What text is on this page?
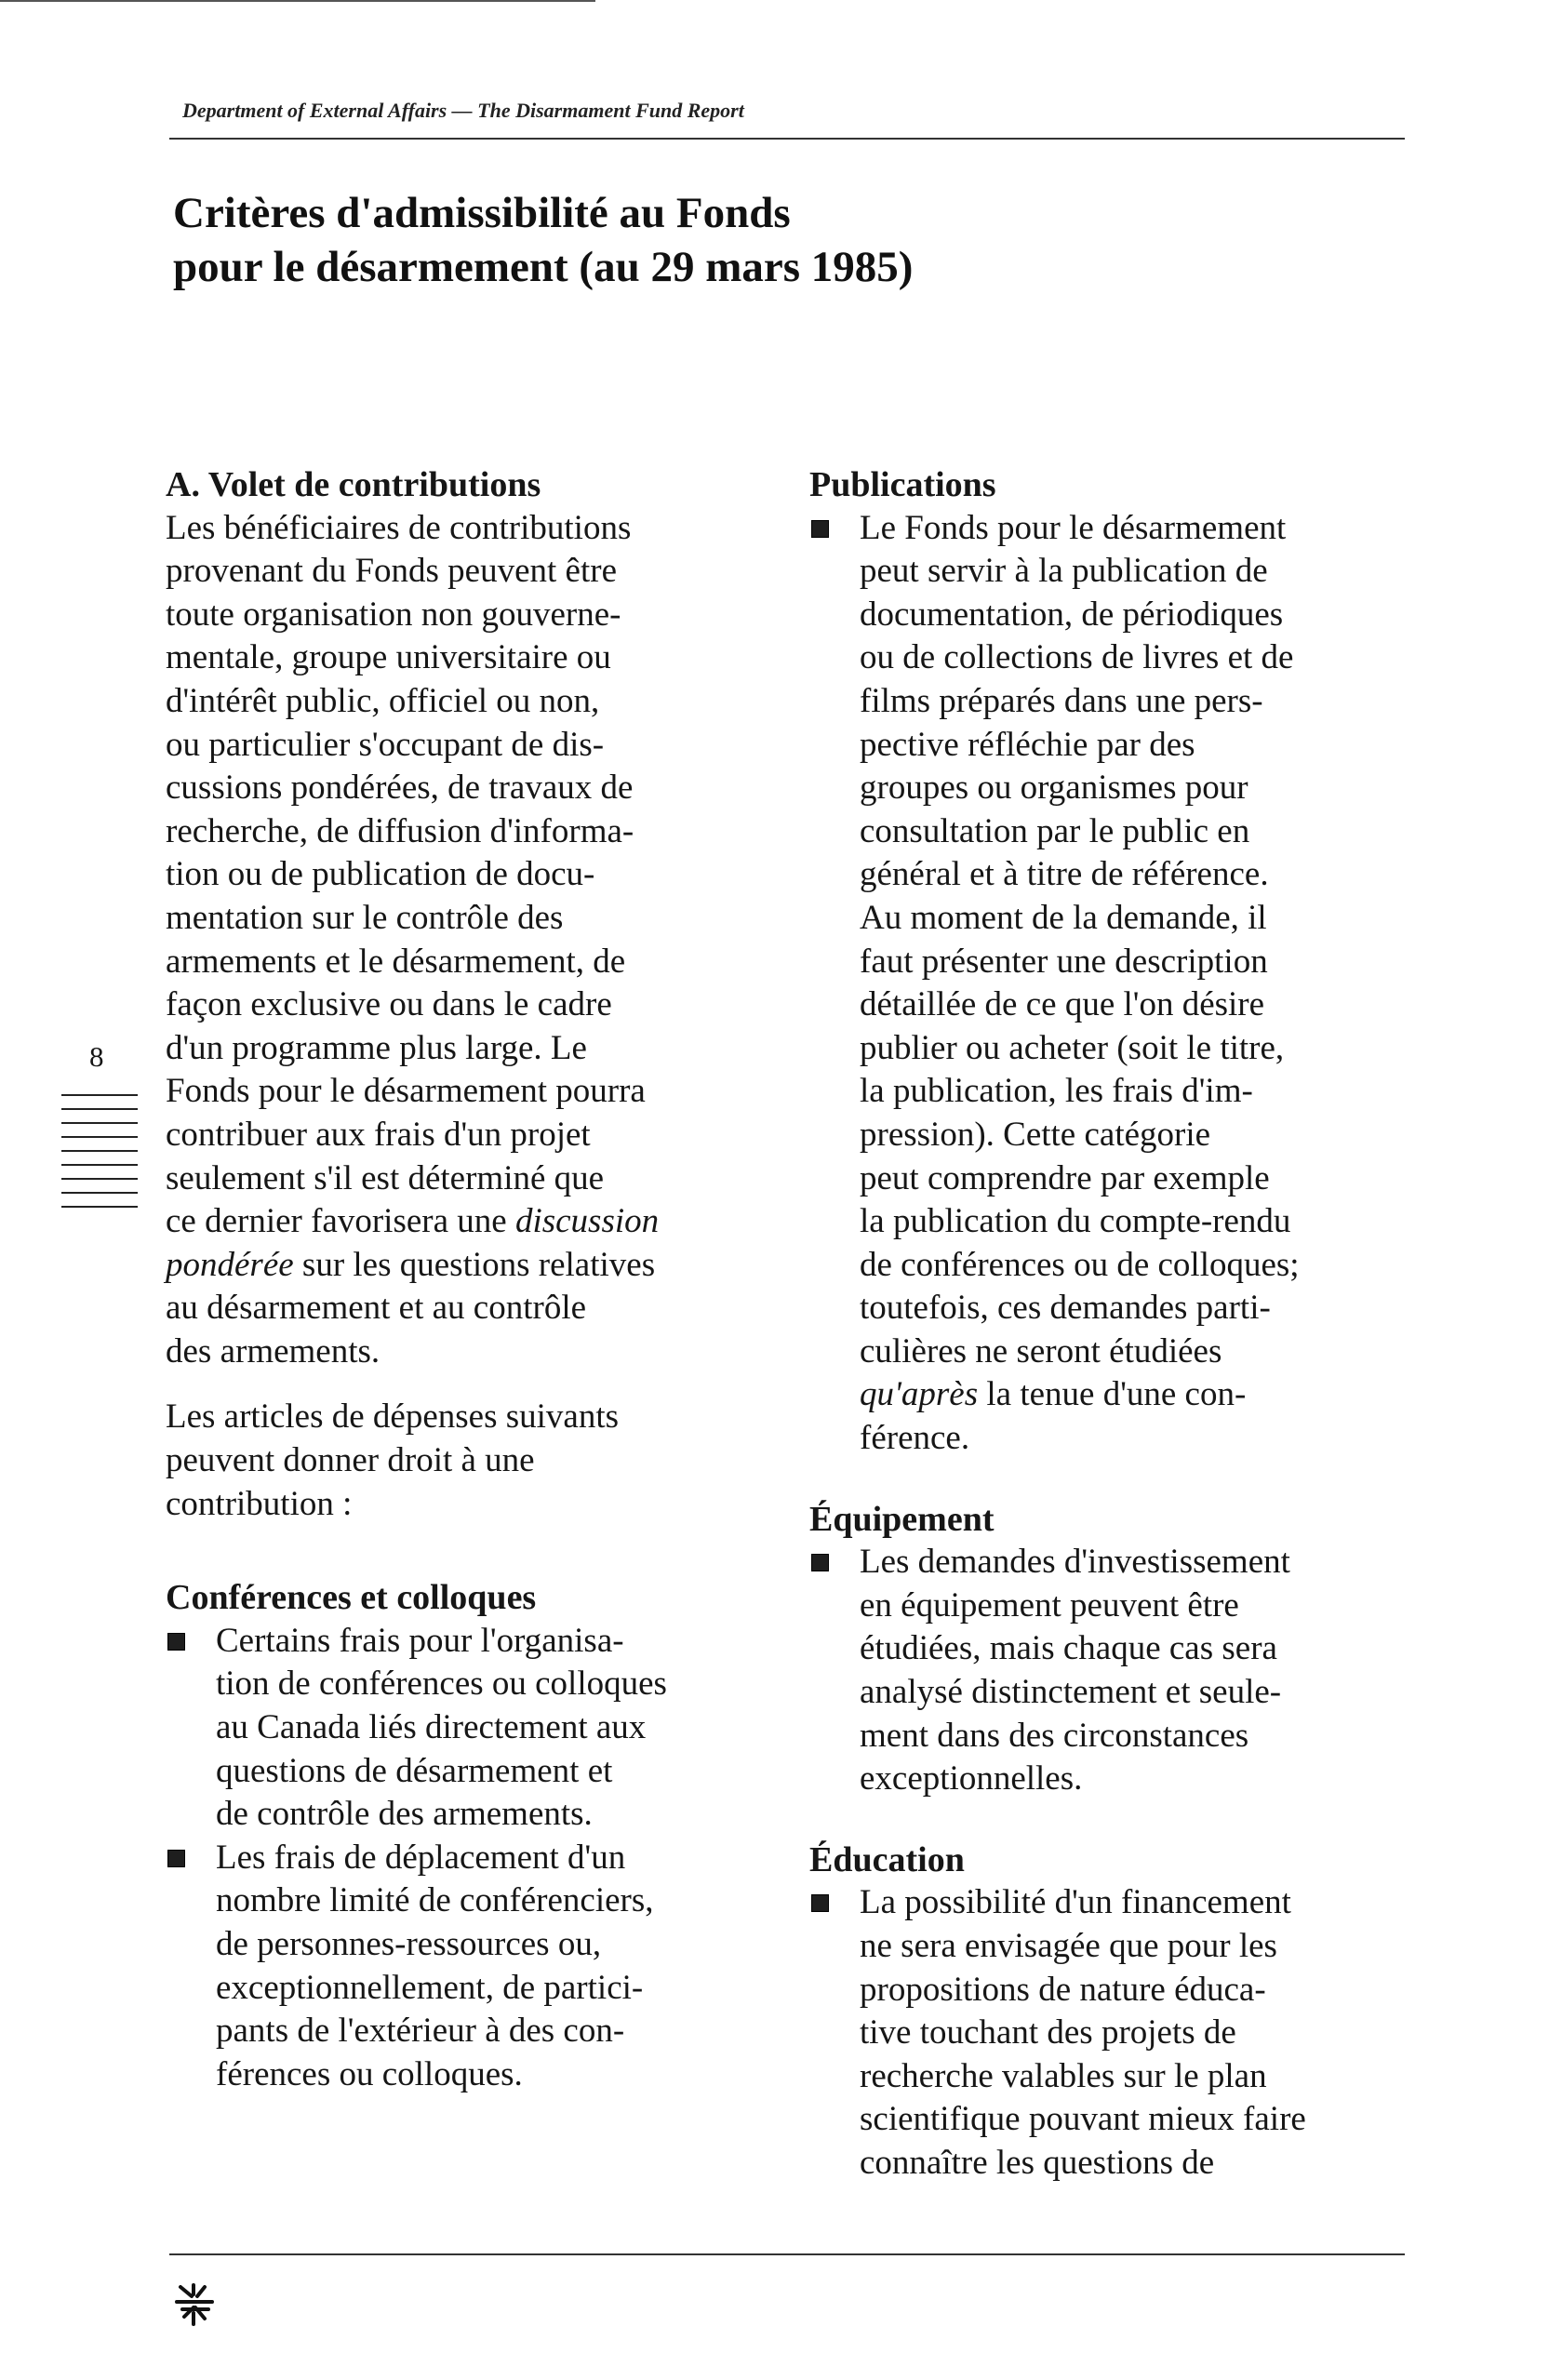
Department of External Affairs — The Disarmament Fund Report
Critères d'admissibilité au Fonds
pour le désarmement (au 29 mars 1985)
8
A. Volet de contributions
Les bénéficiaires de contributions
provenant du Fonds peuvent être
toute organisation non gouverne-
mentale, groupe universitaire ou
d'intérêt public, officiel ou non,
ou particulier s'occupant de dis-
cussions pondérées, de travaux de
recherche, de diffusion d'informa-
tion ou de publication de docu-
mentation sur le contrôle des
armements et le désarmement, de
façon exclusive ou dans le cadre
d'un programme plus large. Le
Fonds pour le désarmement pourra
contribuer aux frais d'un projet
seulement s'il est déterminé que
ce dernier favorisera une discussion
pondérée sur les questions relatives
au désarmement et au contrôle
des armements.
Les articles de dépenses suivants
peuvent donner droit à une
contribution :
Conférences et colloques
Certains frais pour l'organisa-
tion de conférences ou colloques
au Canada liés directement aux
questions de désarmement et
de contrôle des armements.
Les frais de déplacement d'un
nombre limité de conférenciers,
de personnes-ressources ou,
exceptionnellement, de partici-
pants de l'extérieur à des con-
férences ou colloques.
Publications
Le Fonds pour le désarmement
peut servir à la publication de
documentation, de périodiques
ou de collections de livres et de
films préparés dans une pers-
pective réfléchie par des
groupes ou organismes pour
consultation par le public en
général et à titre de référence.
Au moment de la demande, il
faut présenter une description
détaillée de ce que l'on désire
publier ou acheter (soit le titre,
la publication, les frais d'im-
pression). Cette catégorie
peut comprendre par exemple
la publication du compte-rendu
de conférences ou de colloques;
toutefois, ces demandes parti-
culières ne seront étudiées
qu'après la tenue d'une con-
férence.
Équipement
Les demandes d'investissement
en équipement peuvent être
étudiées, mais chaque cas sera
analysé distinctement et seule-
ment dans des circonstances
exceptionnelles.
Éducation
La possibilité d'un financement
ne sera envisagée que pour les
propositions de nature éduca-
tive touchant des projets de
recherche valables sur le plan
scientifique pouvant mieux faire
connaître les questions de
